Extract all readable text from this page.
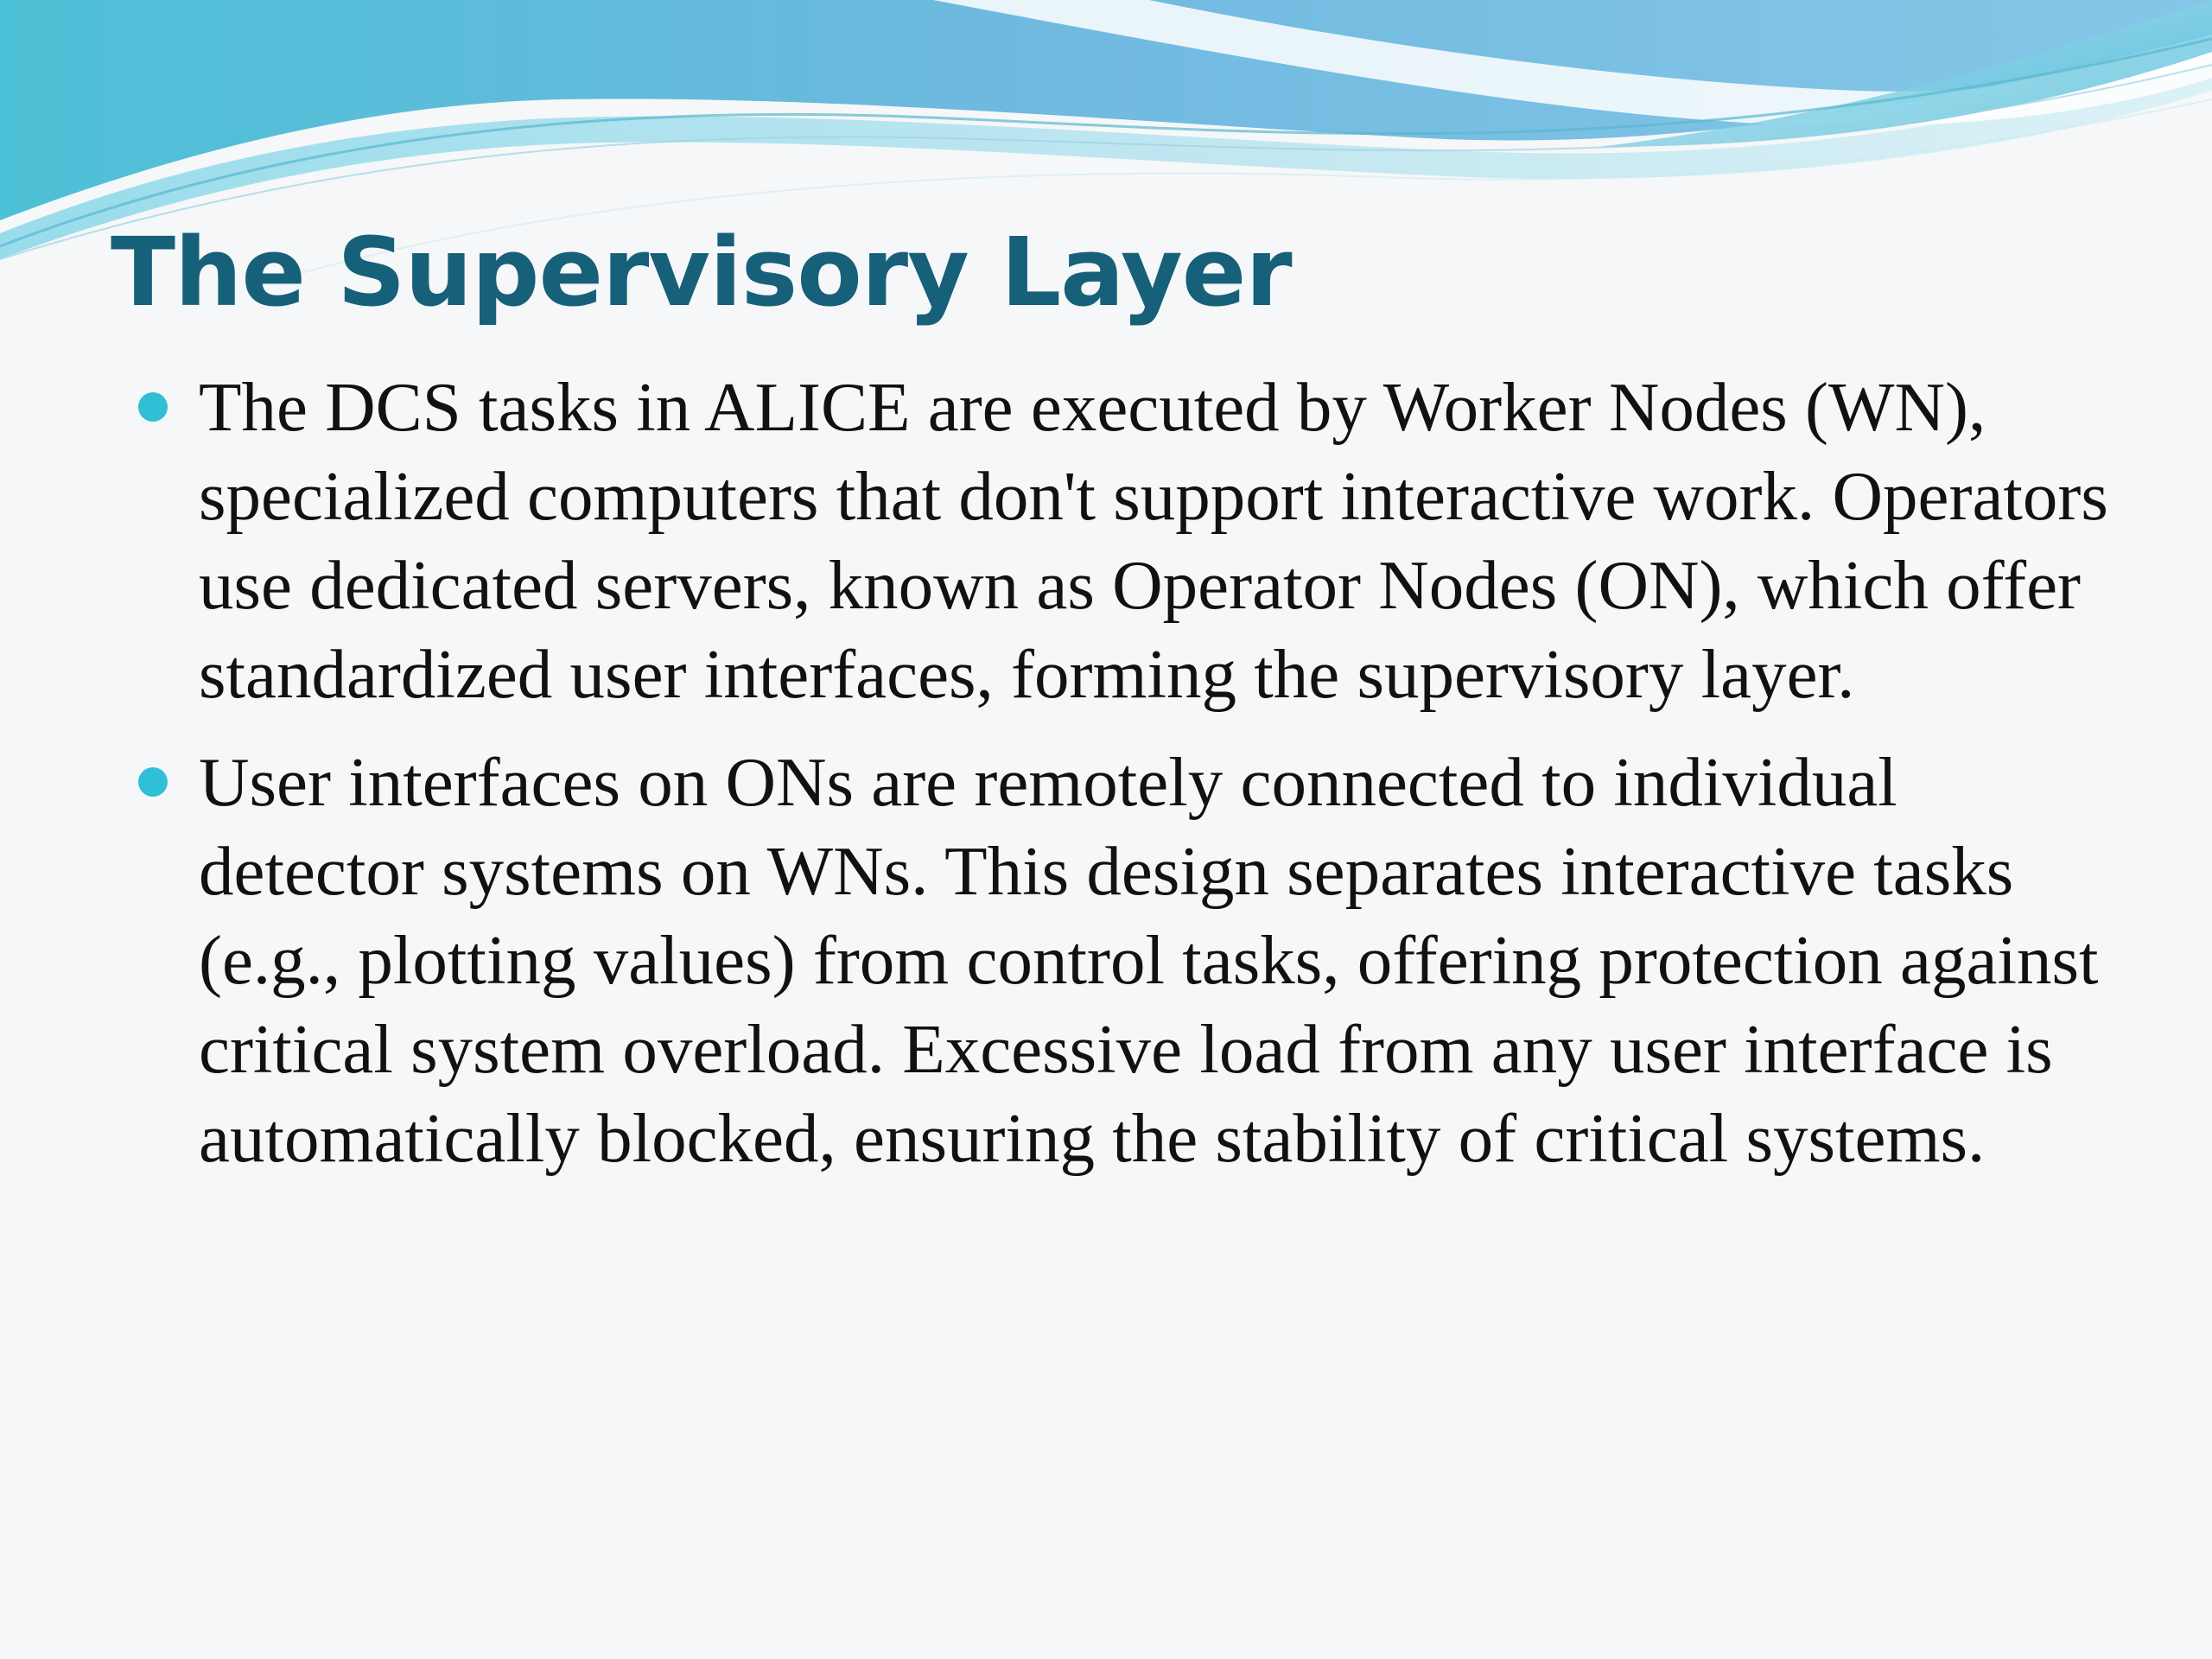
The Supervisory Layer
The DCS tasks in ALICE are executed by Worker Nodes (WN), specialized computers that don't support interactive work. Operators use dedicated servers, known as Operator Nodes (ON), which offer standardized user interfaces, forming the supervisory layer.
User interfaces on ONs are remotely connected to individual detector systems on WNs. This design separates interactive tasks (e.g., plotting values) from control tasks, offering protection against critical system overload. Excessive load from any user interface is automatically blocked, ensuring the stability of critical systems.
